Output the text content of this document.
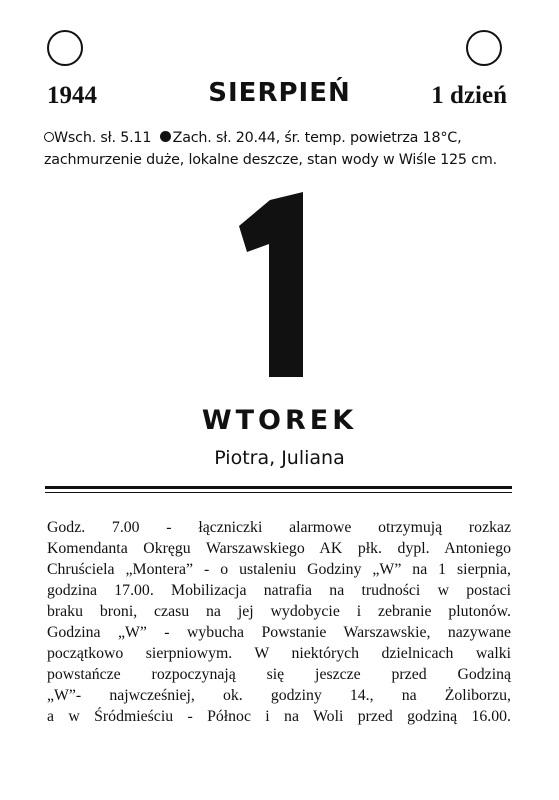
1944	SIERPIEŃ	1 dzień
Wsch. sł. 5.11 Zach. sł. 20.44, śr. temp. powietrza 18°C,
zachmurzenie duże, lokalne deszcze, stan wody w Wiśle 125 cm.
WTOREK
Piotra, Juliana
Godz. 7.00 - łączniczki alarmowe otrzymują rozkaz
Komendanta Okręgu Warszawskiego AK płk. dypl. Antoniego
Chruściela „Montera” - o ustaleniu Godziny „W” na 1 sierpnia,
godzina 17.00. Mobilizacja natrafia na trudności w postaci
braku broni, czasu na jej wydobycie i zebranie plutonów.
Godzina „W” - wybucha Powstanie Warszawskie, nazywane
początkowo sierpniowym. W niektórych dzielnicach walki
powstańcze rozpoczynają się jeszcze przed Godziną
„W”- najwcześniej, ok. godziny 14., na Żoliborzu,
a w Śródmieściu - Północ i na Woli przed godziną 16.00.
